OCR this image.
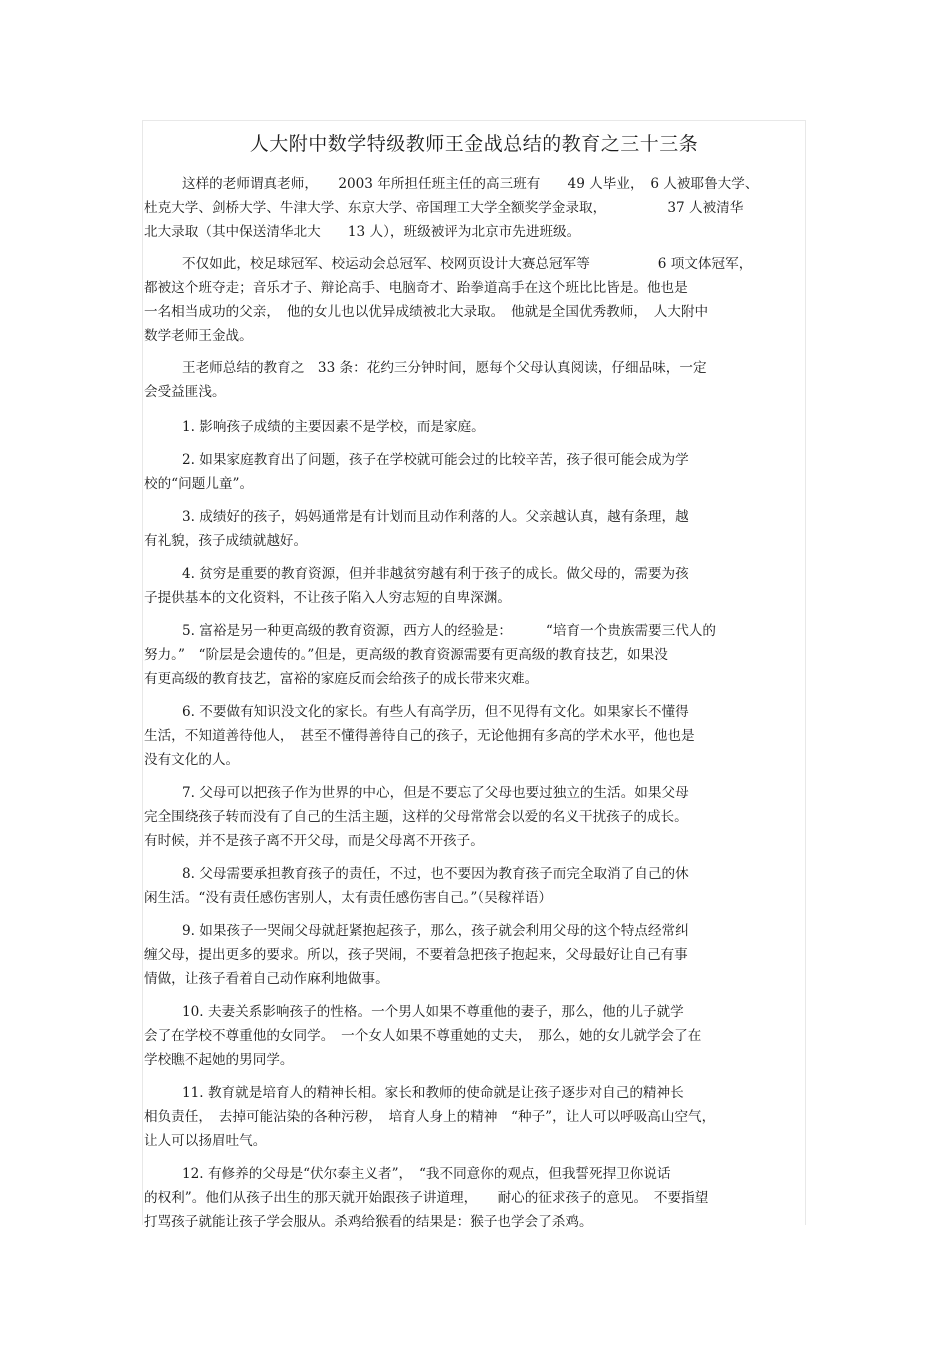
人大附中数学特级教师王金战总结的教育之三十三条
这样的老师谓真老师，　　2003 年所担任班主任的高三班有　　49 人毕业，　6 人被耶鲁大学、
杜克大学、剑桥大学、牛津大学、东京大学、帝国理工大学全额奖学金录取，　　　　　37 人被清华
北大录取（其中保送清华北大　　13 人），班级被评为北京市先进班级。
不仅如此，校足球冠军、校运动会总冠军、校网页设计大赛总冠军等　　　　　6 项文体冠军，
都被这个班夺走；音乐才子、辩论高手、电脑奇才、跆拳道高手在这个班比比皆是。他也是
一名相当成功的父亲，　他的女儿也以优异成绩被北大录取。　他就是全国优秀教师，　人大附中
数学老师王金战。
王老师总结的教育之　33 条：花约三分钟时间，愿每个父母认真阅读，仔细品味，一定
会受益匪浅。
1. 影响孩子成绩的主要因素不是学校，而是家庭。
2. 如果家庭教育出了问题，孩子在学校就可能会过的比较辛苦，孩子很可能会成为学
校的“问题儿童”。
3. 成绩好的孩子，妈妈通常是有计划而且动作利落的人。父亲越认真，越有条理，越
有礼貌，孩子成绩就越好。
4. 贫穷是重要的教育资源，但并非越贫穷越有利于孩子的成长。做父母的，需要为孩
子提供基本的文化资料，不让孩子陷入人穷志短的自卑深渊。
5. 富裕是另一种更高级的教育资源，西方人的经验是：　　　“培育一个贵族需要三代人的
努力。”　“阶层是会遗传的。”但是，更高级的教育资源需要有更高级的教育技艺，如果没
有更高级的教育技艺，富裕的家庭反而会给孩子的成长带来灾难。
6. 不要做有知识没文化的家长。有些人有高学历，但不见得有文化。如果家长不懂得
生活，不知道善待他人，　甚至不懂得善待自己的孩子，无论他拥有多高的学术水平，他也是
没有文化的人。
7. 父母可以把孩子作为世界的中心，但是不要忘了父母也要过独立的生活。如果父母
完全围绕孩子转而没有了自己的生活主题，这样的父母常常会以爱的名义干扰孩子的成长。
有时候，并不是孩子离不开父母，而是父母离不开孩子。
8. 父母需要承担教育孩子的责任，不过，也不要因为教育孩子而完全取消了自己的休
闲生活。“没有责任感伤害别人，太有责任感伤害自己。”（吴稼祥语）
9. 如果孩子一哭闹父母就赶紧抱起孩子，那么，孩子就会利用父母的这个特点经常纠
缠父母，提出更多的要求。所以，孩子哭闹，不要着急把孩子抱起来，父母最好让自己有事
情做，让孩子看着自己动作麻利地做事。
10. 夫妻关系影响孩子的性格。一个男人如果不尊重他的妻子，那么，他的儿子就学
会了在学校不尊重他的女同学。　一个女人如果不尊重她的丈夫，　那么，她的女儿就学会了在
学校瞧不起她的男同学。
11. 教育就是培育人的精神长相。家长和教师的使命就是让孩子逐步对自己的精神长
相负责任，　去掉可能沾染的各种污秽，　培育人身上的精神　“种子”，让人可以呼吸高山空气，
让人可以扬眉吐气。
12. 有修养的父母是“伏尔泰主义者”，　“我不同意你的观点，但我誓死捍卫你说话
的权利”。他们从孩子出生的那天就开始跟孩子讲道理，　　耐心的征求孩子的意见。　不要指望
打骂孩子就能让孩子学会服从。杀鸡给猴看的结果是：猴子也学会了杀鸡。
